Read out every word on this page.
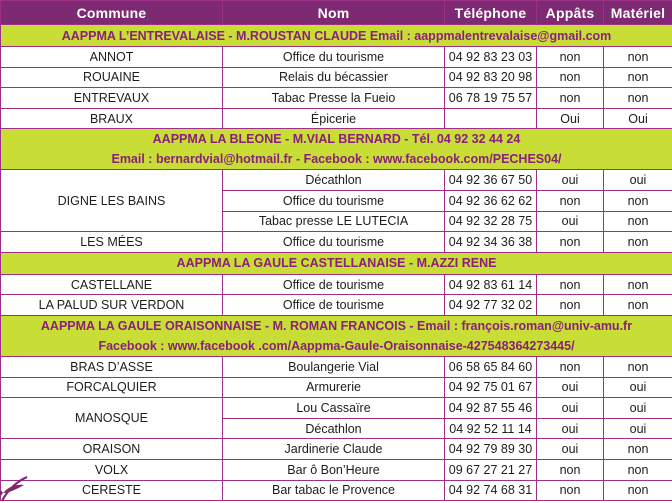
Commune	Nom	Téléphone	Appâts	Matériel

AAPPMA L’ENTREVALAISE - M.ROUSTAN CLAUDE Email : aappmalentrevalaise@gmail.com				

ANNOT	Office du tourisme	04 92 83 23 03	non	non
ROUAINE	Relais du bécassier	04 92 83 20 98	non	non
ENTREVAUX	Tabac Presse la Fueio	06 78 19 75 57	non	non
BRAUX	Épicerie		Oui	Oui

AAPPMA LA BLEONE - M.VIAL BERNARD - Tél. 04 92 32 44 24
Email : bernardvial@hotmail.fr - Facebook : www.facebook.com/PECHES04/				

DIGNE LES BAINS	Décathlon	04 92 36 67 50	oui	oui
	Office du tourisme	04 92 36 62 62	non	non
	Tabac presse LE LUTECIA	04 92 32 28 75	oui	non
LES MÉES	Office du tourisme	04 92 34 36 38	non	non

AAPPMA LA GAULE CASTELLANAISE - M.AZZI RENE				

CASTELLANE	Office de tourisme	04 92 83 61 14	non	non
LA PALUD SUR VERDON	Office de tourisme	04 92 77 32 02	non	non

AAPPMA LA GAULE ORAISONNAISE - M. ROMAN FRANCOIS - Email : françois.roman@univ-amu.fr
Facebook : www.facebook .com/Aappma-Gaule-Oraisonnaise-427548364273445/				

BRAS D’ASSE	Boulangerie Vial	06 58 65 84 60	non	non
FORCALQUIER	Armurerie	04 92 75 01 67	oui	oui
MANOSQUE	Lou Cassaïre	04 92 87 55 46	oui	oui
	Décathlon	04 92 52 11 14	oui	oui
ORAISON	Jardinerie Claude	04 92 79 89 30	oui	non
VOLX	Bar ô Bon’Heure	09 67 27 21 27	non	non
CERESTE	Bar tabac le Provence	04 92 74 68 31	non	non
